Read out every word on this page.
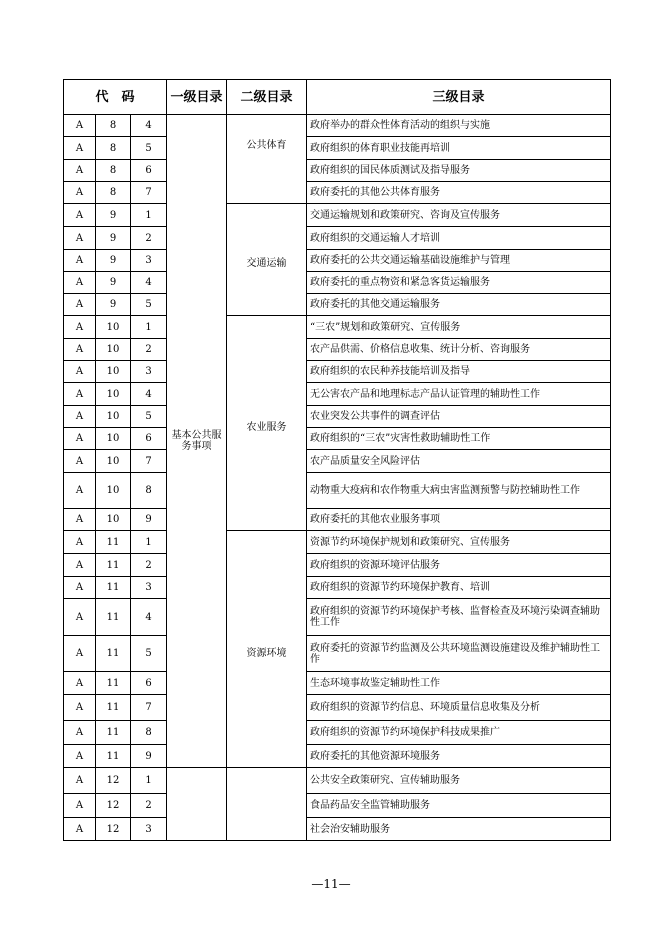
代　码			一级目录	二级目录	三级目录
A	8	4	基本公共服务事项	公共体育	政府举办的群众性体育活动的组织与实施
A	8	5			政府组织的体育职业技能再培训
A	8	6			政府组织的国民体质测试及指导服务
A	8	7			政府委托的其他公共体育服务
A	9	1		交通运输	交通运输规划和政策研究、咨询及宣传服务
A	9	2			政府组织的交通运输人才培训
A	9	3			政府委托的公共交通运输基础设施维护与管理
A	9	4			政府委托的重点物资和紧急客货运输服务
A	9	5			政府委托的其他交通运输服务
A	10	1		农业服务	“三农”规划和政策研究、宣传服务
A	10	2			农产品供需、价格信息收集、统计分析、咨询服务
A	10	3			政府组织的农民种养技能培训及指导
A	10	4			无公害农产品和地理标志产品认证管理的辅助性工作
A	10	5			农业突发公共事件的调查评估
A	10	6			政府组织的“三农”灾害性救助辅助性工作
A	10	7			农产品质量安全风险评估
A	10	8			动物重大疫病和农作物重大病虫害监测预警与防控辅助性工作
A	10	9			政府委托的其他农业服务事项
A	11	1		资源环境	资源节约环境保护规划和政策研究、宣传服务
A	11	2			政府组织的资源环境评估服务
A	11	3			政府组织的资源节约环境保护教育、培训
A	11	4			政府组织的资源节约环境保护考核、监督检查及环境污染调查辅助性工作
A	11	5			政府委托的资源节约监测及公共环境监测设施建设及维护辅助性工作
A	11	6			生态环境事故鉴定辅助性工作
A	11	7			政府组织的资源节约信息、环境质量信息收集及分析
A	11	8			政府组织的资源节约环境保护科技成果推广
A	11	9			政府委托的其他资源环境服务
A	12	1			公共安全政策研究、宣传辅助服务
A	12	2			食品药品安全监管辅助服务
A	12	3			社会治安辅助服务
—11—
